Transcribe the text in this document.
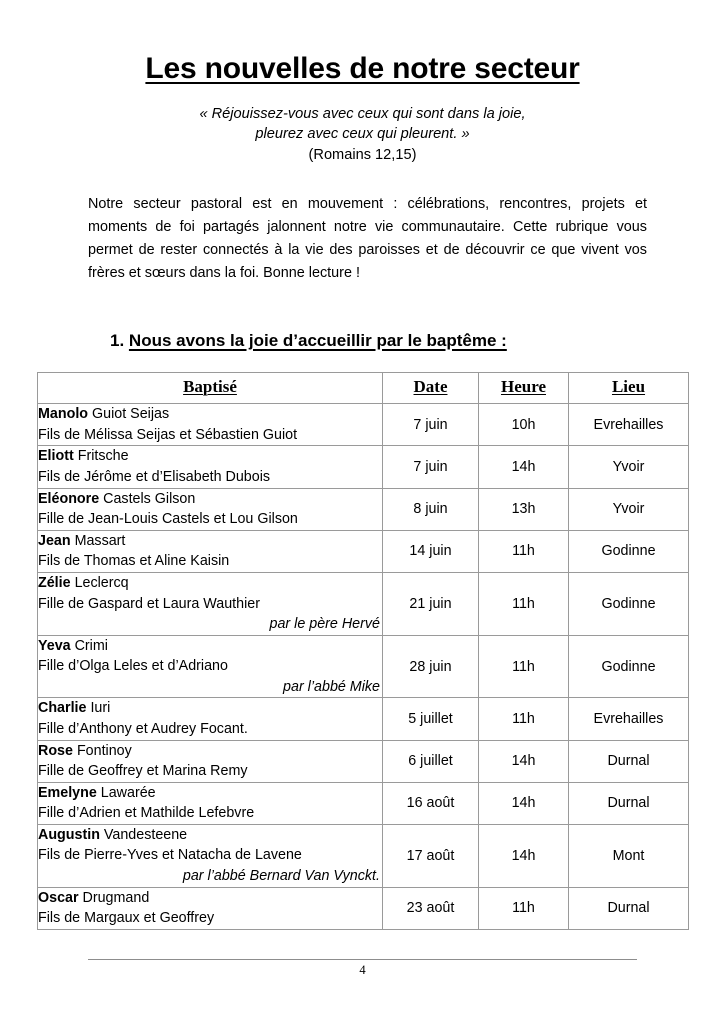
Les nouvelles de notre secteur
« Réjouissez-vous avec ceux qui sont dans la joie,
pleurez avec ceux qui pleurent. »
(Romains 12,15)

Notre secteur pastoral est en mouvement : célébrations, rencontres, projets et moments de foi partagés jalonnent notre vie communautaire. Cette rubrique vous permet de rester connectés à la vie des paroisses et de découvrir ce que vivent vos frères et sœurs dans la foi. Bonne lecture !

1. Nous avons la joie d’accueillir par le baptême :
Baptisé	Date	Heure	Lieu
Manolo Guiot Seijas
Fils de Mélissa Seijas et Sébastien Guiot	7 juin	10h	Evrehailles
Eliott Fritsche
Fils de Jérôme et d’Elisabeth Dubois	7 juin	14h	Yvoir
Eléonore Castels Gilson
Fille de Jean-Louis Castels et Lou Gilson	8 juin	13h	Yvoir
Jean Massart
Fils de Thomas et Aline Kaisin	14 juin	11h	Godinne
Zélie Leclercq
Fille de Gaspard et Laura Wauthier
par le père Hervé	21 juin	11h	Godinne
Yeva Crimi
Fille d’Olga Leles et d’Adriano
par l’abbé Mike	28 juin	11h	Godinne
Charlie Iuri
Fille d’Anthony et Audrey Focant.	5 juillet	11h	Evrehailles
Rose Fontinoy
Fille de Geoffrey et Marina Remy	6 juillet	14h	Durnal
Emelyne Lawarée
Fille d’Adrien et Mathilde Lefebvre	16 août	14h	Durnal
Augustin Vandesteene
Fils de Pierre-Yves et Natacha de Lavene
par l’abbé Bernard Van Vynckt.	17 août	14h	Mont
Oscar Drugmand
Fils de Margaux et Geoffrey	23 août	11h	Durnal
4
